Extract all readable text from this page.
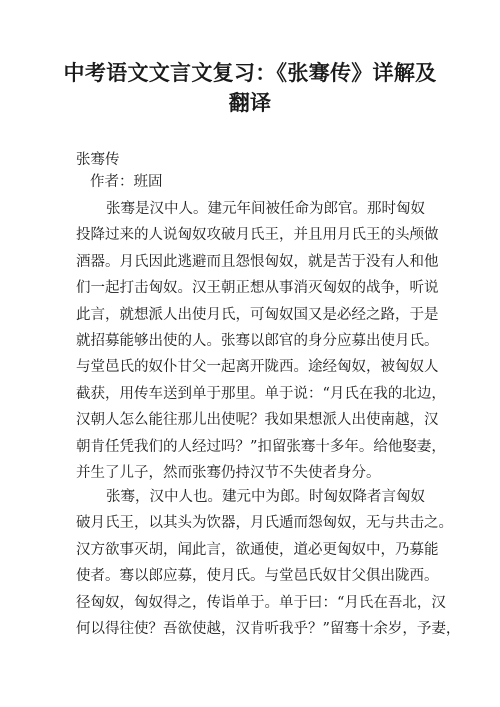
中考语文文言文复习：《张骞传》详解及
翻译
张骞传
作者：班固
张骞是汉中人。建元年间被任命为郎官。那时匈奴
投降过来的人说匈奴攻破月氏王，并且用月氏王的头颅做
酒器。月氏因此逃避而且怨恨匈奴，就是苦于没有人和他
们一起打击匈奴。汉王朝正想从事消灭匈奴的战争，听说
此言，就想派人出使月氏，可匈奴国又是必经之路，于是
就招募能够出使的人。张骞以郎官的身分应募出使月氏。
与堂邑氏的奴仆甘父一起离开陇西。途经匈奴，被匈奴人
截获，用传车送到单于那里。单于说：“月氏在我的北边，
汉朝人怎么能往那儿出使呢？我如果想派人出使南越，汉
朝肯任凭我们的人经过吗？”扣留张骞十多年。给他娶妻，
并生了儿子，然而张骞仍持汉节不失使者身分。
张骞，汉中人也。建元中为郎。时匈奴降者言匈奴
破月氏王，以其头为饮器，月氏遁而怨匈奴，无与共击之。
汉方欲事灭胡，闻此言，欲通使，道必更匈奴中，乃募能
使者。骞以郎应募，使月氏。与堂邑氏奴甘父俱出陇西。
径匈奴，匈奴得之，传诣单于。单于曰：“月氏在吾北，汉
何以得往使？吾欲使越，汉肯听我乎？”留骞十余岁，予妻，
